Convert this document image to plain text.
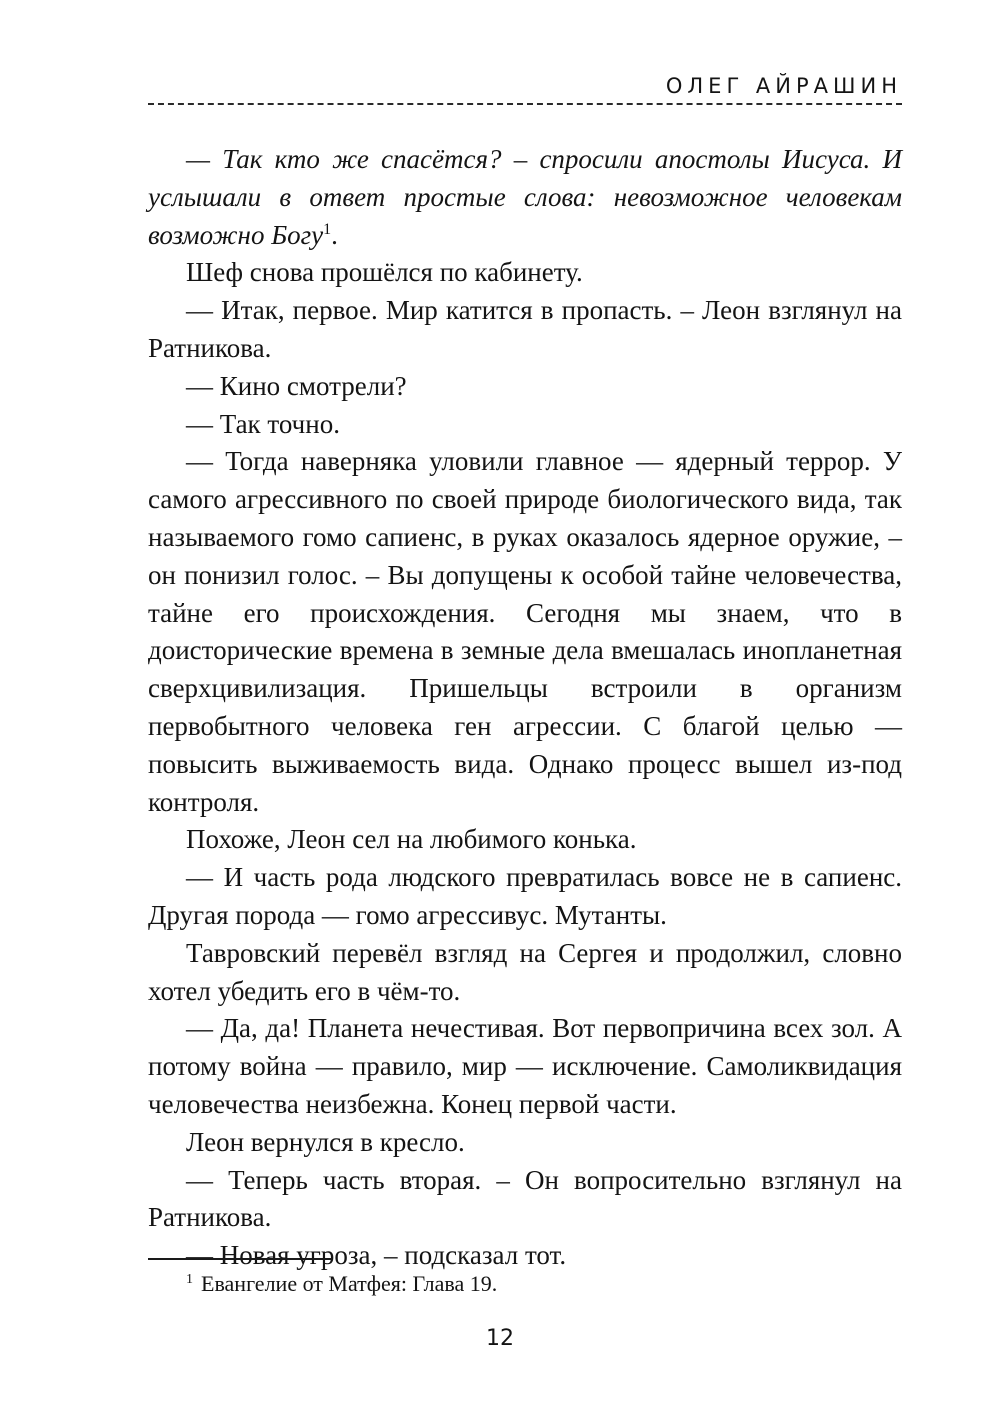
ОЛЕГ АЙРАШИН

— Так кто же спасётся? – спросили апостолы Иисуса. И услышали в ответ простые слова: невозможное человекам возможно Богу$^1$.

Шеф снова прошёлся по кабинету.

— Итак, первое. Мир катится в пропасть. – Леон взглянул на Ратникова.

— Кино смотрели?

— Так точно.

— Тогда наверняка уловили главное — ядерный террор. У самого агрессивного по своей природе биологического вида, так называемого гомо сапиенс, в руках оказалось ядерное оружие, – он понизил голос. – Вы допущены к особой тайне человечества, тайне его происхождения. Сегодня мы знаем, что в доисторические времена в земные дела вмешалась инопланетная сверхцивилизация. Пришельцы встроили в организм первобытного человека ген агрессии. С благой целью — повысить выживаемость вида. Однако процесс вышел из-под контроля.

Похоже, Леон сел на любимого конька.

— И часть рода людского превратилась вовсе не в сапиенс. Другая порода — гомо агрессивус. Мутанты.

Тавровский перевёл взгляд на Сергея и продолжил, словно хотел убедить его в чём-то.

— Да, да! Планета нечестивая. Вот первопричина всех зол. А потому война — правило, мир — исключение. Самоликвидация человечества неизбежна. Конец первой части.

Леон вернулся в кресло.

— Теперь часть вторая. – Он вопросительно взглянул на Ратникова.

— Новая угроза, – подсказал тот.

$^1$ Евангелие от Матфея: Глава 19.
12
